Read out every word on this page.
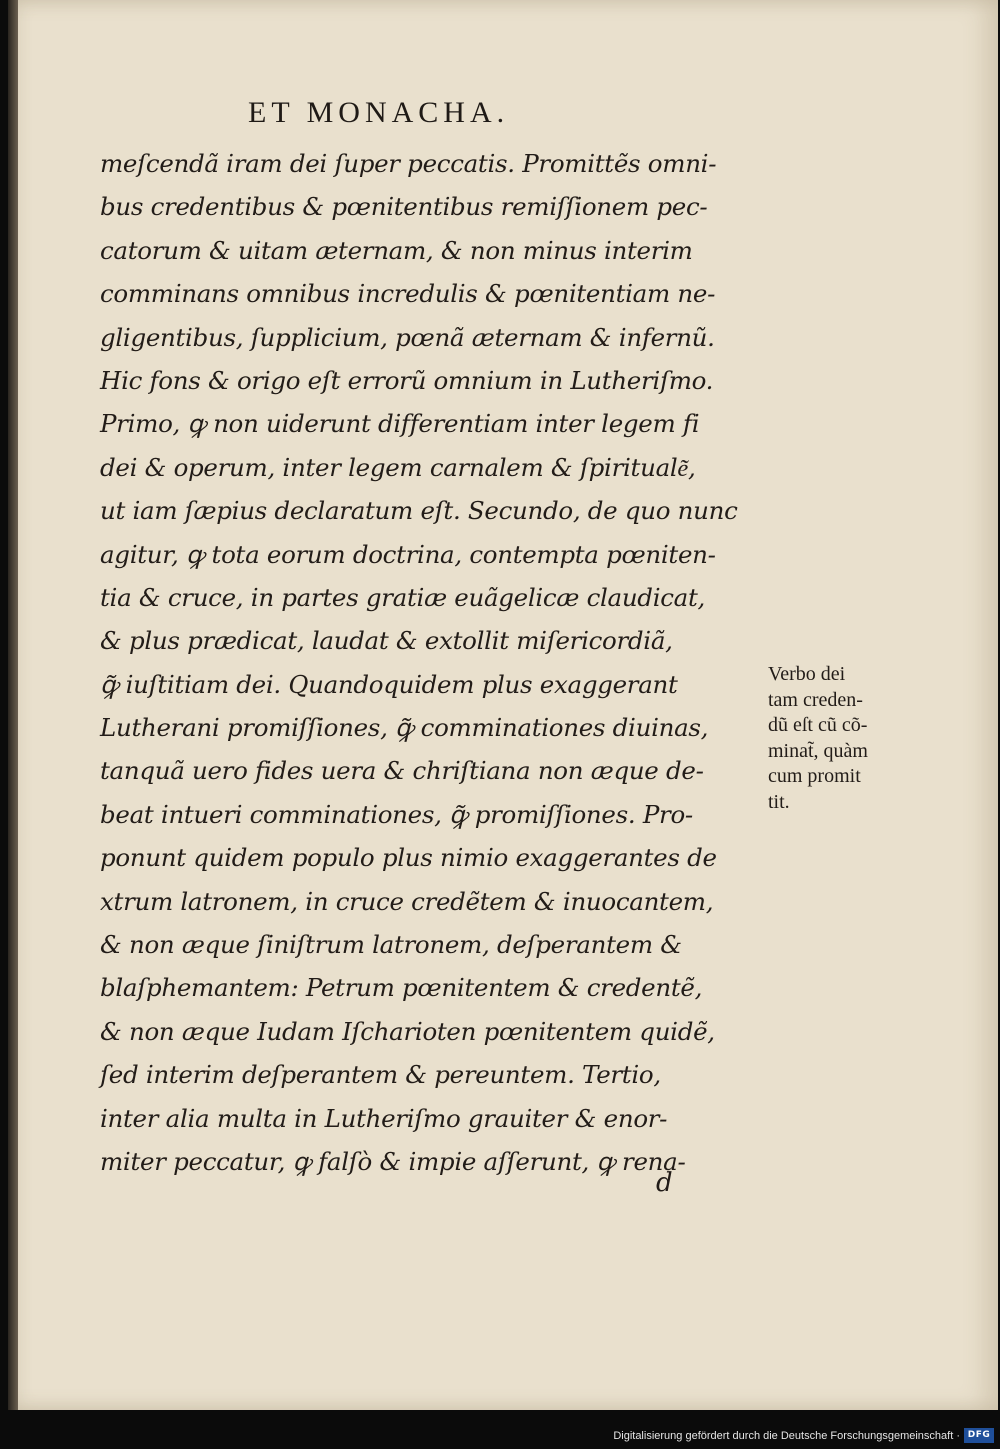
ET MONACHA.
meſcendã iram dei ſuper peccatis. Promittẽs omni-
bus credentibus & pœnitentibus remiſſionem pec-
catorum & uitam æternam, & non minus interim
comminans omnibus incredulis & pœnitentiam ne-
gligentibus, ſupplicium, pœnã æternam & infernũ.
Hic fons & origo eſt errorũ omnium in Lutheriſmo.
Primo, ꝙ non uiderunt differentiam inter legem fi
dei & operum, inter legem carnalem & ſpirituale͂,
ut iam ſæpius declaratum eſt. Secundo, de quo nunc
agitur, ꝙ tota eorum doctrina, contempta pœniten-
tia & cruce, in partes gratiæ euãgelicæ claudicat,
& plus prædicat, laudat & extollit miſericordiã,
ꝙ̃ iuſtitiam dei. Quandoquidem plus exaggerant
Lutherani promiſſiones, ꝙ̃ comminationes diuinas,
tanquã uero fides uera & chriſtiana non æque de-
beat intueri comminationes, ꝙ̃ promiſſiones. Pro-
ponunt quidem populo plus nimio exaggerantes de
xtrum latronem, in cruce credẽtem & inuocantem,
& non æque ſiniſtrum latronem, deſperantem &
blaſphemantem: Petrum pœnitentem & credentẽ,
& non æque Iudam Iſcharioten pœnitentem quidẽ,
ſed interim deſperantem & pereuntem. Tertio,
inter alia multa in Lutheriſmo grauiter & enor-
miter peccatur, ꝙ falſò & impie aſſerunt, ꝙ rena-
d
Verbo dei
tam creden-
dũ eſt cũ cõ-
minat̃, quàm
cum promit
tit.
Digitalisierung gefördert durch die Deutsche Forschungsgemeinschaft · DFG
